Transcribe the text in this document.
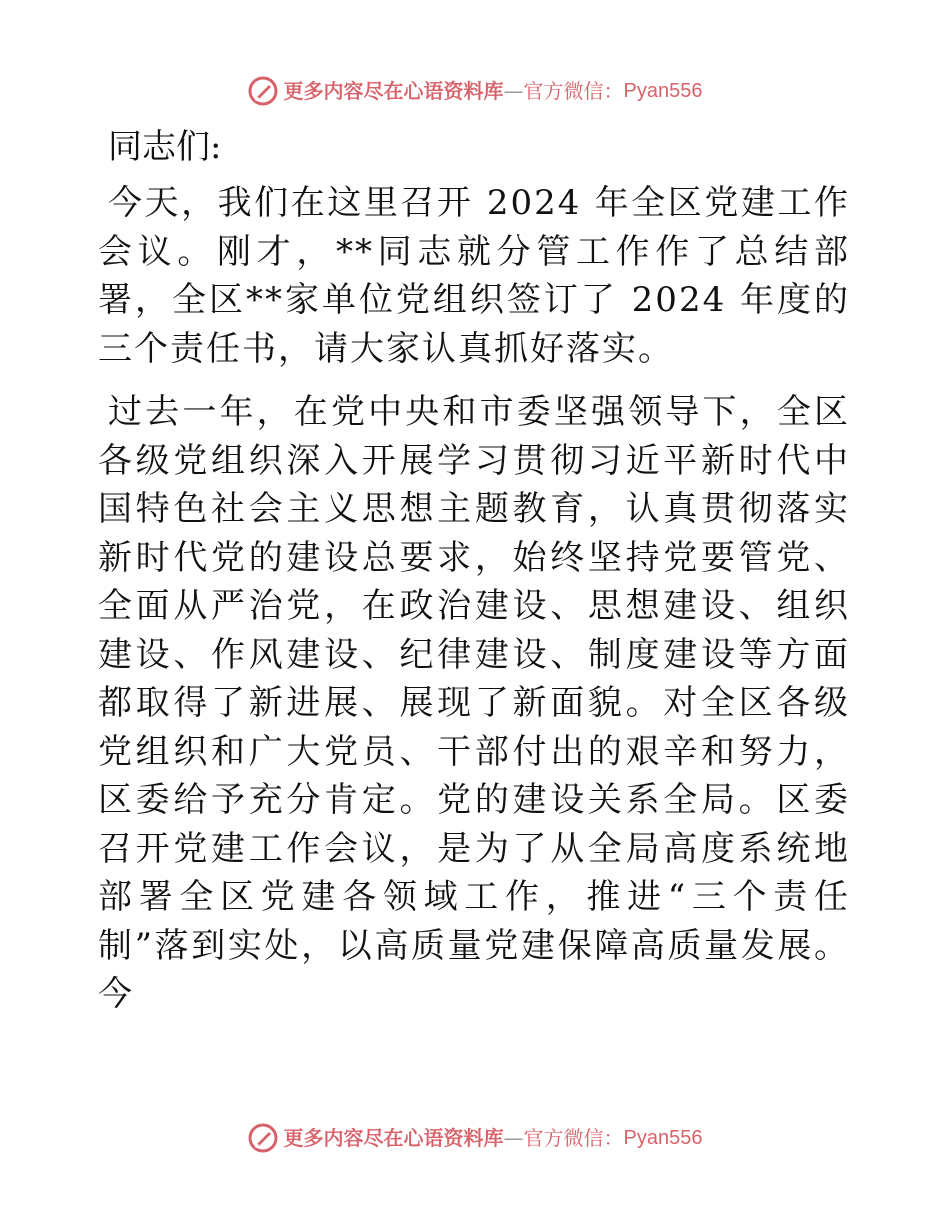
更多内容尽在心语资料库 — 官方微信： Pyan556
同志们:

今天，我们在这里召开 2024 年全区党建工作会议。刚才，**同志就分管工作作了总结部署，全区**家单位党组织签订了 2024 年度的三个责任书，请大家认真抓好落实。

过去一年，在党中央和市委坚强领导下，全区各级党组织深入开展学习贯彻习近平新时代中国特色社会主义思想主题教育，认真贯彻落实新时代党的建设总要求，始终坚持党要管党、全面从严治党，在政治建设、思想建设、组织建设、作风建设、纪律建设、制度建设等方面都取得了新进展、展现了新面貌。对全区各级党组织和广大党员、干部付出的艰辛和努力，区委给予充分肯定。党的建设关系全局。区委召开党建工作会议，是为了从全局高度系统地部署全区党建各领域工作，推进“三个责任制”落到实处，以高质量党建保障高质量发展。今

更多内容尽在心语资料库 — 官方微信： Pyan556
